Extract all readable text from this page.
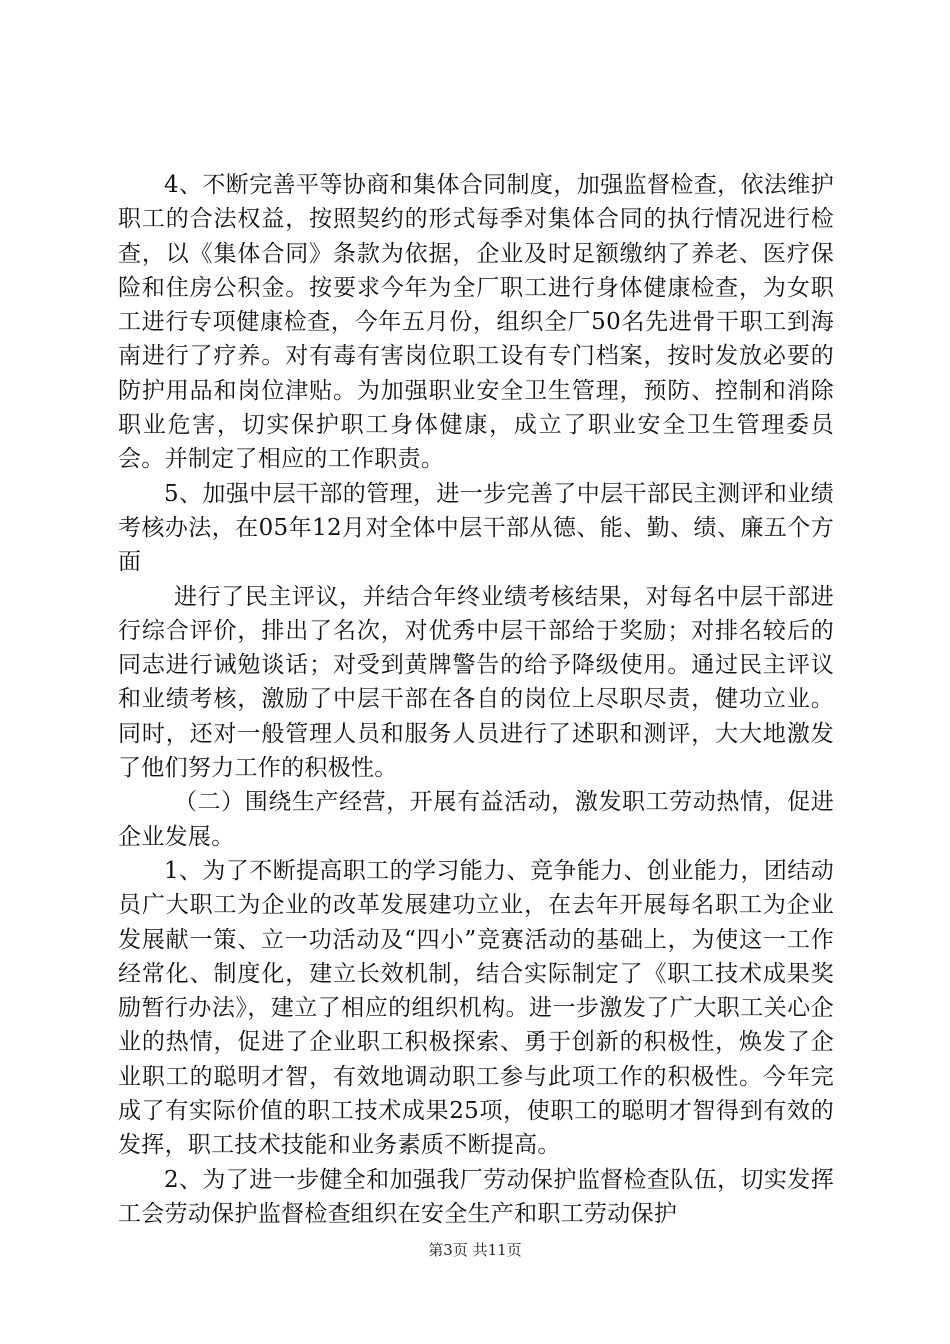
4、不断完善平等协商和集体合同制度，加强监督检查，依法维护职工的合法权益，按照契约的形式每季对集体合同的执行情况进行检查，以《集体合同》条款为依据，企业及时足额缴纳了养老、医疗保险和住房公积金。按要求今年为全厂职工进行身体健康检查，为女职工进行专项健康检查，今年五月份，组织全厂50名先进骨干职工到海南进行了疗养。对有毒有害岗位职工设有专门档案，按时发放必要的防护用品和岗位津贴。为加强职业安全卫生管理，预防、控制和消除职业危害，切实保护职工身体健康，成立了职业安全卫生管理委员会。并制定了相应的工作职责。

5、加强中层干部的管理，进一步完善了中层干部民主测评和业绩考核办法，在05年12月对全体中层干部从德、能、勤、绩、廉五个方面

进行了民主评议，并结合年终业绩考核结果，对每名中层干部进行综合评价，排出了名次，对优秀中层干部给于奖励；对排名较后的同志进行诫勉谈话；对受到黄牌警告的给予降级使用。通过民主评议和业绩考核，激励了中层干部在各自的岗位上尽职尽责，健功立业。同时，还对一般管理人员和服务人员进行了述职和测评，大大地激发了他们努力工作的积极性。

（二）围绕生产经营，开展有益活动，激发职工劳动热情，促进企业发展。

1、为了不断提高职工的学习能力、竞争能力、创业能力，团结动员广大职工为企业的改革发展建功立业，在去年开展每名职工为企业发展献一策、立一功活动及“四小”竞赛活动的基础上，为使这一工作经常化、制度化，建立长效机制，结合实际制定了《职工技术成果奖励暂行办法》，建立了相应的组织机构。进一步激发了广大职工关心企业的热情，促进了企业职工积极探索、勇于创新的积极性，焕发了企业职工的聪明才智，有效地调动职工参与此项工作的积极性。今年完成了有实际价值的职工技术成果25项，使职工的聪明才智得到有效的发挥，职工技术技能和业务素质不断提高。

2、为了进一步健全和加强我厂劳动保护监督检查队伍，切实发挥工会劳动保护监督检查组织在安全生产和职工劳动保护

第3页 共11页
